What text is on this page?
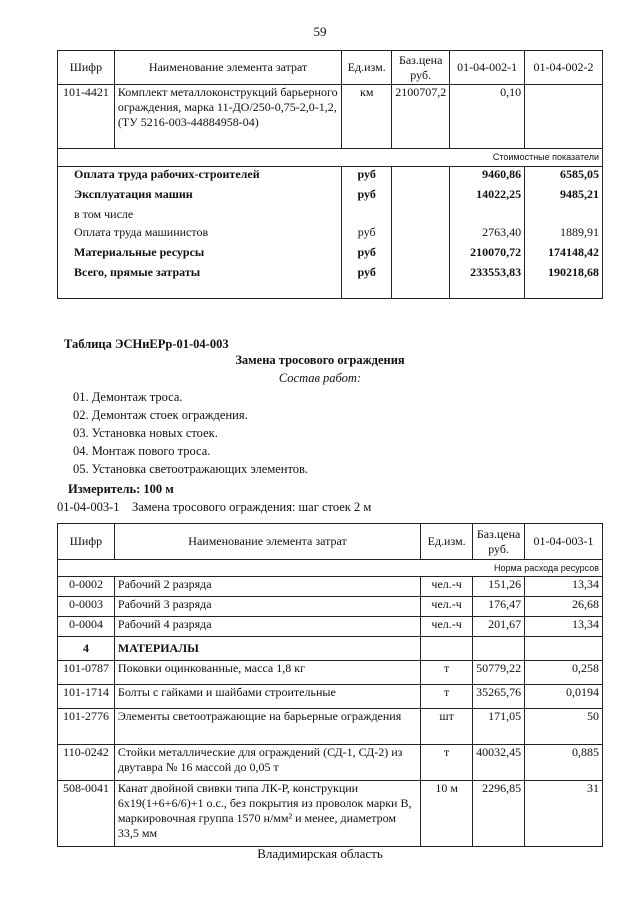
59
Шифр	Наименование элемента затрат	Ед.изм.	Баз.цена руб.	01-04-002-1	01-04-002-2
101-4421	Комплект металлоконструкций барьерного ограждения, марка 11-ДО/250-0,75-2,0-1,2, (ТУ 5216-003-44884958-04)	км	2100707,2	0,10	
Стоимостные показатели					
Оплата труда рабочих-строителей		руб		9460,86	6585,05
Эксплуатация машин		руб		14022,25	9485,21
в том числе					
Оплата труда машинистов		руб		2763,40	1889,91
Материальные ресурсы		руб		210070,72	174148,42
Всего, прямые затраты		руб		233553,83	190218,68
Таблица ЭСНиЕРр-01-04-003
Замена тросового ограждения
Состав работ:
01. Демонтаж троса.
02. Демонтаж стоек ограждения.
03. Установка новых стоек.
04. Монтаж пового троса.
05. Установка светоотражающих элементов.
Измеритель: 100 м
01-04-003-1    Замена тросового ограждения: шаг стоек 2 м
Шифр	Наименование элемента затрат	Ед.изм.	Баз.цена руб.	01-04-003-1
Норма расхода ресурсов				
0-0002	Рабочий 2 разряда	чел.-ч	151,26	13,34
0-0003	Рабочий 3 разряда	чел.-ч	176,47	26,68
0-0004	Рабочий 4 разряда	чел.-ч	201,67	13,34
4	МАТЕРИАЛЫ			
101-0787	Поковки оцинкованные, масса 1,8 кг	т	50779,22	0,258
101-1714	Болты с гайками и шайбами строительные	т	35265,76	0,0194
101-2776	Элементы светоотражающие на барьерные ограждения	шт	171,05	50
110-0242	Стойки металлические для ограждений (СД-1, СД-2) из двутавра № 16 массой до 0,05 т	т	40032,45	0,885
508-0041	Канат двойной свивки типа ЛК-Р, конструкции 6х19(1+6+6/6)+1 о.с., без покрытия из проволок марки В, маркировочная группа 1570 н/мм² и менее, диаметром 33,5 мм	10 м	2296,85	31
Владимирская область
